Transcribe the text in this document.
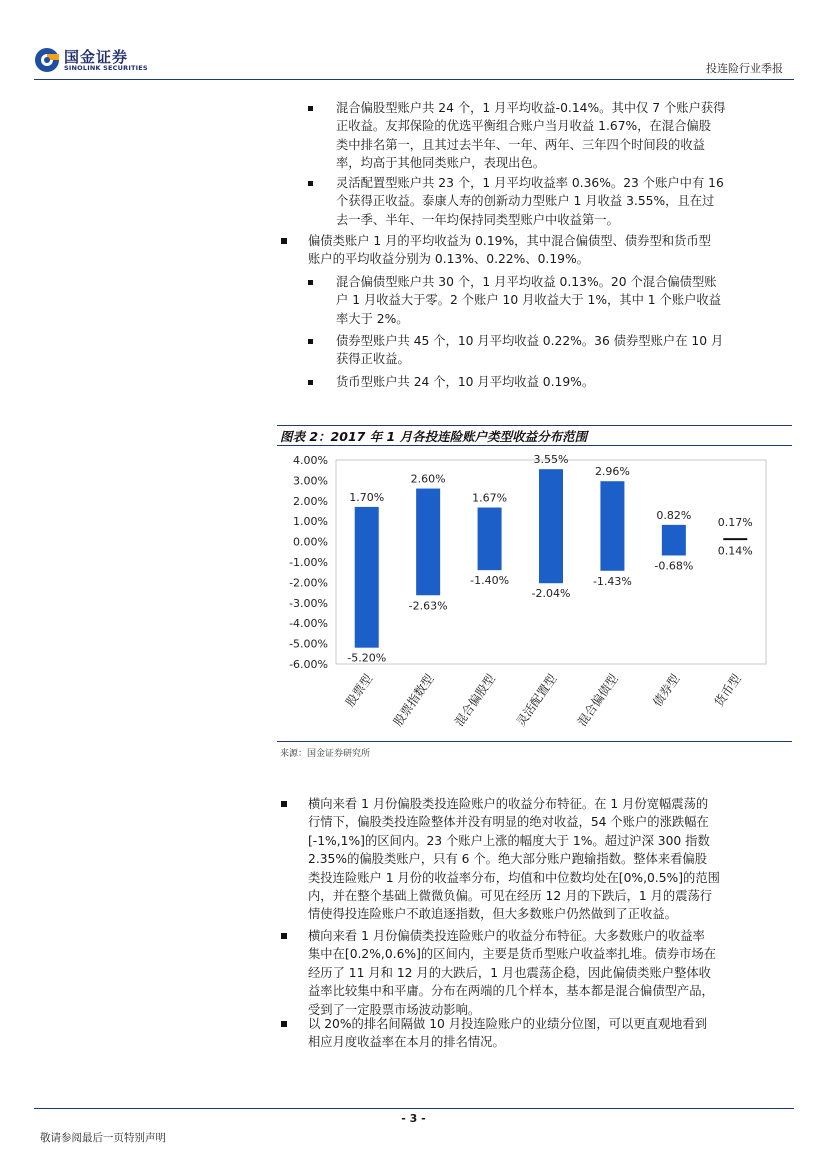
国金证券
SINOLINK SECURITIES	投连险行业季报
混合偏股型账户共 24 个，1 月平均收益-0.14%。其中仅 7 个账户获得
正收益。友邦保险的优选平衡组合账户当月收益 1.67%，在混合偏股
类中排名第一，且其过去半年、一年、两年、三年四个时间段的收益
率，均高于其他同类账户，表现出色。
灵活配置型账户共 23 个，1 月平均收益率 0.36%。23 个账户中有 16
个获得正收益。泰康人寿的创新动力型账户 1 月收益 3.55%，且在过
去一季、半年、一年均保持同类型账户中收益第一。
偏债类账户 1 月的平均收益为 0.19%，其中混合偏债型、债券型和货币型
账户的平均收益分别为 0.13%、0.22%、0.19%。
混合偏债型账户共 30 个，1 月平均收益 0.13%。20 个混合偏债型账
户 1 月收益大于零。2 个账户 10 月收益大于 1%，其中 1 个账户收益
率大于 2%。
债券型账户共 45 个，10 月平均收益 0.22%。36 债券型账户在 10 月
获得正收益。
货币型账户共 24 个，10 月平均收益 0.19%。
图表 2：2017 年 1 月各投连险账户类型收益分布范围
4.00%
3.00%
2.00%
1.00%
0.00%
-1.00%
-2.00%
-3.00%
-4.00%
-5.00%
-6.00%
1.70%
-5.20%
股票型
2.60%
-2.63%
股票指数型
1.67%
-1.40%
混合偏股型
3.55%
-2.04%
灵活配置型
2.96%
-1.43%
混合偏债型
0.82%
-0.68%
债券型
0.17%
0.14%
货币型
来源：国金证券研究所
横向来看 1 月份偏股类投连险账户的收益分布特征。在 1 月份宽幅震荡的
行情下，偏股类投连险整体并没有明显的绝对收益，54 个账户的涨跌幅在
[-1%,1%]的区间内。23 个账户上涨的幅度大于 1%。超过沪深 300 指数
2.35%的偏股类账户，只有 6 个。绝大部分账户跑输指数。整体来看偏股
类投连险账户 1 月份的收益率分布，均值和中位数均处在[0%,0.5%]的范围
内，并在整个基础上微微负偏。可见在经历 12 月的下跌后，1 月的震荡行
情使得投连险账户不敢追逐指数，但大多数账户仍然做到了正收益。
横向来看 1 月份偏债类投连险账户的收益分布特征。大多数账户的收益率
集中在[0.2%,0.6%]的区间内，主要是货币型账户收益率扎堆。债券市场在
经历了 11 月和 12 月的大跌后，1 月也震荡企稳，因此偏债类账户整体收
益率比较集中和平庸。分布在两端的几个样本，基本都是混合偏债型产品，
受到了一定股票市场波动影响。
以 20%的排名间隔做 10 月投连险账户的业绩分位图，可以更直观地看到
相应月度收益率在本月的排名情况。
- 3 -
敬请参阅最后一页特别声明
